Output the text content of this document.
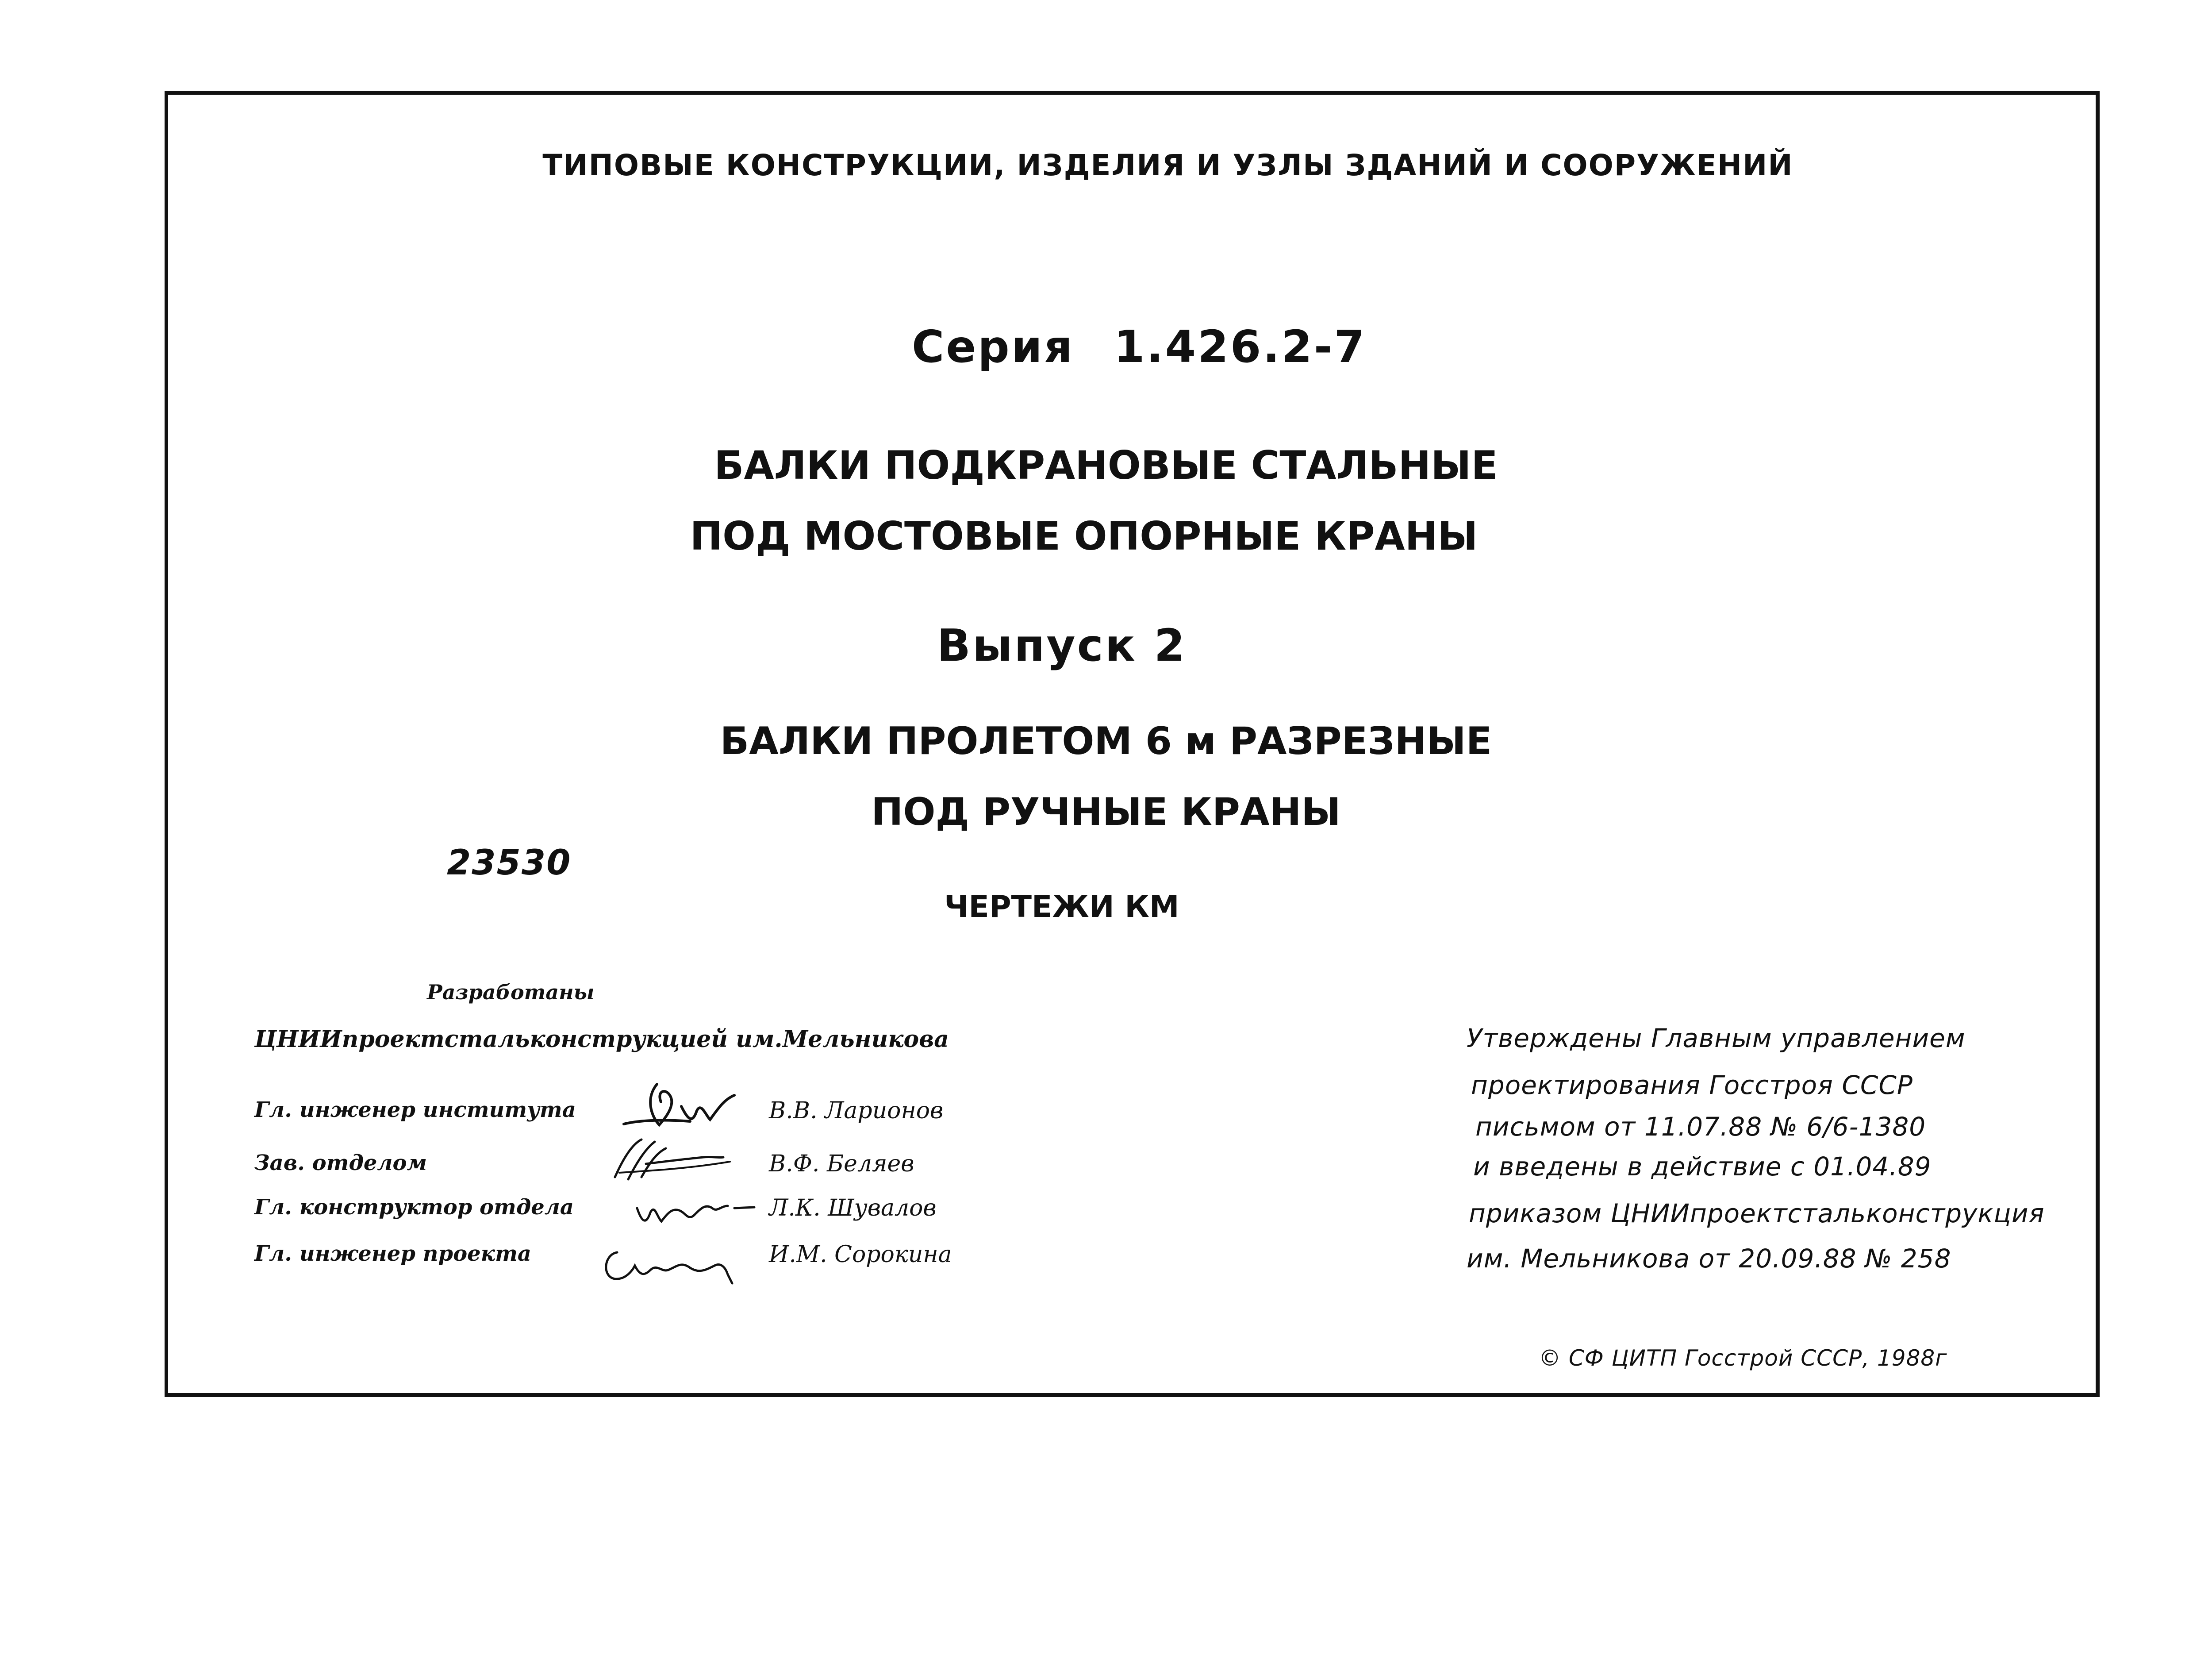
ТИПОВЫЕ КОНСТРУКЦИИ, ИЗДЕЛИЯ И УЗЛЫ ЗДАНИЙ И СООРУЖЕНИЙ
Серия 1.426.2-7
БАЛКИ ПОДКРАНОВЫЕ СТАЛЬНЫЕ
ПОД МОСТОВЫЕ ОПОРНЫЕ КРАНЫ
Выпуск 2
БАЛКИ ПРОЛЕТОМ 6 м РАЗРЕЗНЫЕ
ПОД РУЧНЫЕ КРАНЫ
ЧЕРТЕЖИ КМ
23530
Разработаны
ЦНИИпроектстальконструкцией им.Мельникова
Гл. инженер института
Зав. отделом
Гл. конструктор отдела
Гл. инженер проекта
В.В. Ларионов
В.Ф. Беляев
Л.К. Шувалов
И.М. Сорокина
Утверждены Главным управлением
проектирования Госстроя СССР
письмом от 11.07.88 № 6/6-1380
и введены в действие с 01.04.89
приказом ЦНИИпроектстальконструкция
им. Мельникова от 20.09.88 № 258
© СФ ЦИТП Госстрой СССР, 1988г
